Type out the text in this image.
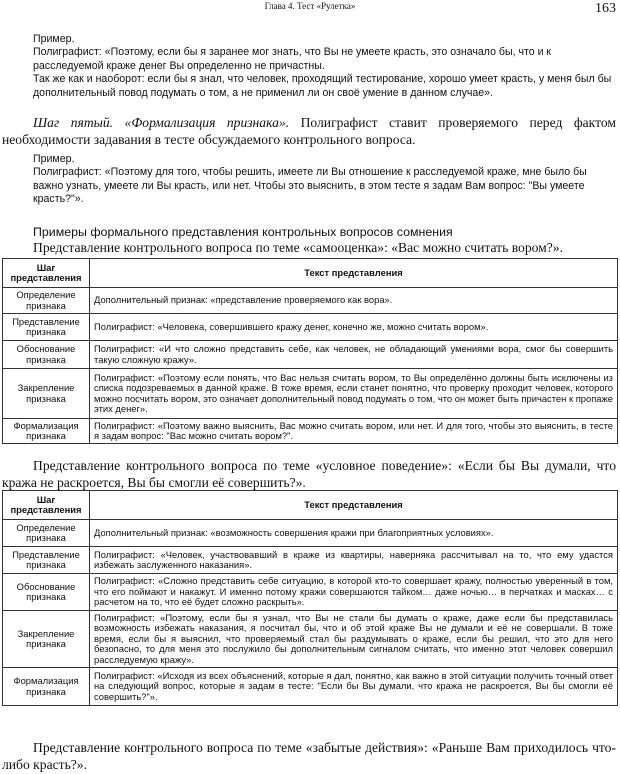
Глава 4. Тест «Рулетка»	163
Пример.
Полиграфист: «Поэтому, если бы я заранее мог знать, что Вы не умеете красть, это означало бы, что и к расследуемой краже денег Вы определенно не причастны.
Так же как и наоборот: если бы я знал, что человек, проходящий тестирование, хорошо умеет красть, у меня был бы дополнительный повод подумать о том, а не применил ли он своё умение в данном случае».
Шаг пятый. «Формализация признака». Полиграфист ставит проверяемого перед фактом необходимости задавания в тесте обсуждаемого контрольного вопроса.
Пример.
Полиграфист: «Поэтому для того, чтобы решить, имеете ли Вы отношение к расследуемой краже, мне было бы важно узнать, умеете ли Вы красть, или нет. Чтобы это выяснить, в этом тесте я задам Вам вопрос: "Вы умеете красть?"».
Примеры формального представления контрольных вопросов сомнения
Представление контрольного вопроса по теме «самооценка»: «Вас можно считать вором?».
Шаг представления	Текст представления
Определение признака	Дополнительный признак: «представление проверяемого как вора».
Представление признака	Полиграфист: «Человека, совершившего кражу денег, конечно же, можно считать вором».
Обоснование признака	Полиграфист: «И что сложно представить себе, как человек, не обладающий умениями вора, смог бы совершить такую сложную кражу».
Закрепление признака	Полиграфист: «Поэтому если понять, что Вас нельзя считать вором, то Вы определённо должны быть исключены из списка подозреваемых в данной краже. В тоже время, если станет понятно, что проверку проходит человек, которого можно посчитать вором, это означает дополнительный повод подумать о том, что он может быть причастен к пропаже этих денег».
Формализация признака	Полиграфист: «Поэтому важно выяснить, Вас можно считать вором, или нет. И для того, чтобы это выяснить, в тесте я задам вопрос: "Вас можно считать вором?".
Представление контрольного вопроса по теме «условное поведение»: «Если бы Вы думали, что кража не раскроется, Вы бы смогли её совершить?».
Шаг представления	Текст представления
Определение признака	Дополнительный признак: «возможность совершения кражи при благоприятных условиях».
Представление признака	Полиграфист: «Человек, участвовавший в краже из квартиры, наверняка рассчитывал на то, что ему удастся избежать заслуженного наказания».
Обоснование признака	Полиграфист: «Сложно представить себе ситуацию, в которой кто-то совершает кражу, полностью уверенный в том, что его поймают и накажут. И именно потому кражи совершаются тайком… даже ночью… в перчатках и масках… с расчетом на то, что её будет сложно раскрыть».
Закрепление признака	Полиграфист: «Поэтому, если бы я узнал, что Вы не стали бы думать о краже, даже если бы представилась возможность избежать наказания, я посчитал бы, что и об этой краже Вы не думали и её не совершали. В тоже время, если бы я выяснил, что проверяемый стал бы раздумывать о краже, если бы решил, что это для него безопасно, то для меня это послужило бы дополнительным сигналом считать, что именно этот человек совершил расследуемую кражу».
Формализация признака	Полиграфист: «Исходя из всех объяснений, которые я дал, понятно, как важно в этой ситуации получить точный ответ на следующий вопрос, которые я задам в тесте: "Если бы Вы думали, что кража не раскроется, Вы бы смогли её совершить?"».
Представление контрольного вопроса по теме «забытые действия»: «Раньше Вам приходилось что-либо красть?».
